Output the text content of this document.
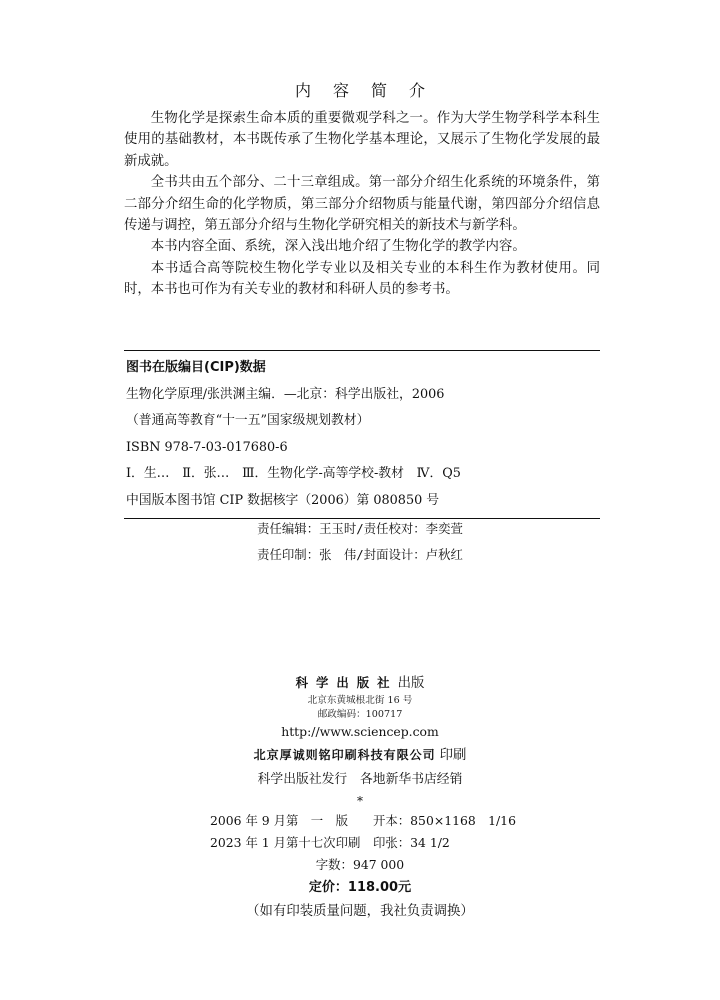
内容简介

生物化学是探索生命本质的重要微观学科之一。作为大学生物学科学本科生使用的基础教材，本书既传承了生物化学基本理论，又展示了生物化学发展的最新成就。

全书共由五个部分、二十三章组成。第一部分介绍生化系统的环境条件，第二部分介绍生命的化学物质，第三部分介绍物质与能量代谢，第四部分介绍信息传递与调控，第五部分介绍与生物化学研究相关的新技术与新学科。

本书内容全面、系统，深入浅出地介绍了生物化学的教学内容。

本书适合高等院校生物化学专业以及相关专业的本科生作为教材使用。同时，本书也可作为有关专业的教材和科研人员的参考书。

图书在版编目(CIP)数据
生物化学原理/张洪渊主编．—北京：科学出版社，2006
（普通高等教育“十一五”国家级规划教材）
ISBN 978-7-03-017680-6
Ⅰ．生…　Ⅱ．张…　Ⅲ．生物化学-高等学校-教材　Ⅳ．Q5
中国版本图书馆 CIP 数据核字（2006）第 080850 号
责任编辑：王玉时/责任校对：李奕萱
责任印制：张　伟/封面设计：卢秋红
科学出版社出版
北京东黄城根北街 16 号
邮政编码：100717
http://www.sciencep.com
北京厚诚则铭印刷科技有限公司 印刷
科学出版社发行　各地新华书店经销
*
2006 年 9 月第　一　版 开本：850×1168　1/16
2023 年 1 月第十七次印刷 印张：34 1/2
字数：947 000
定价：118.00元
（如有印装质量问题，我社负责调换）
